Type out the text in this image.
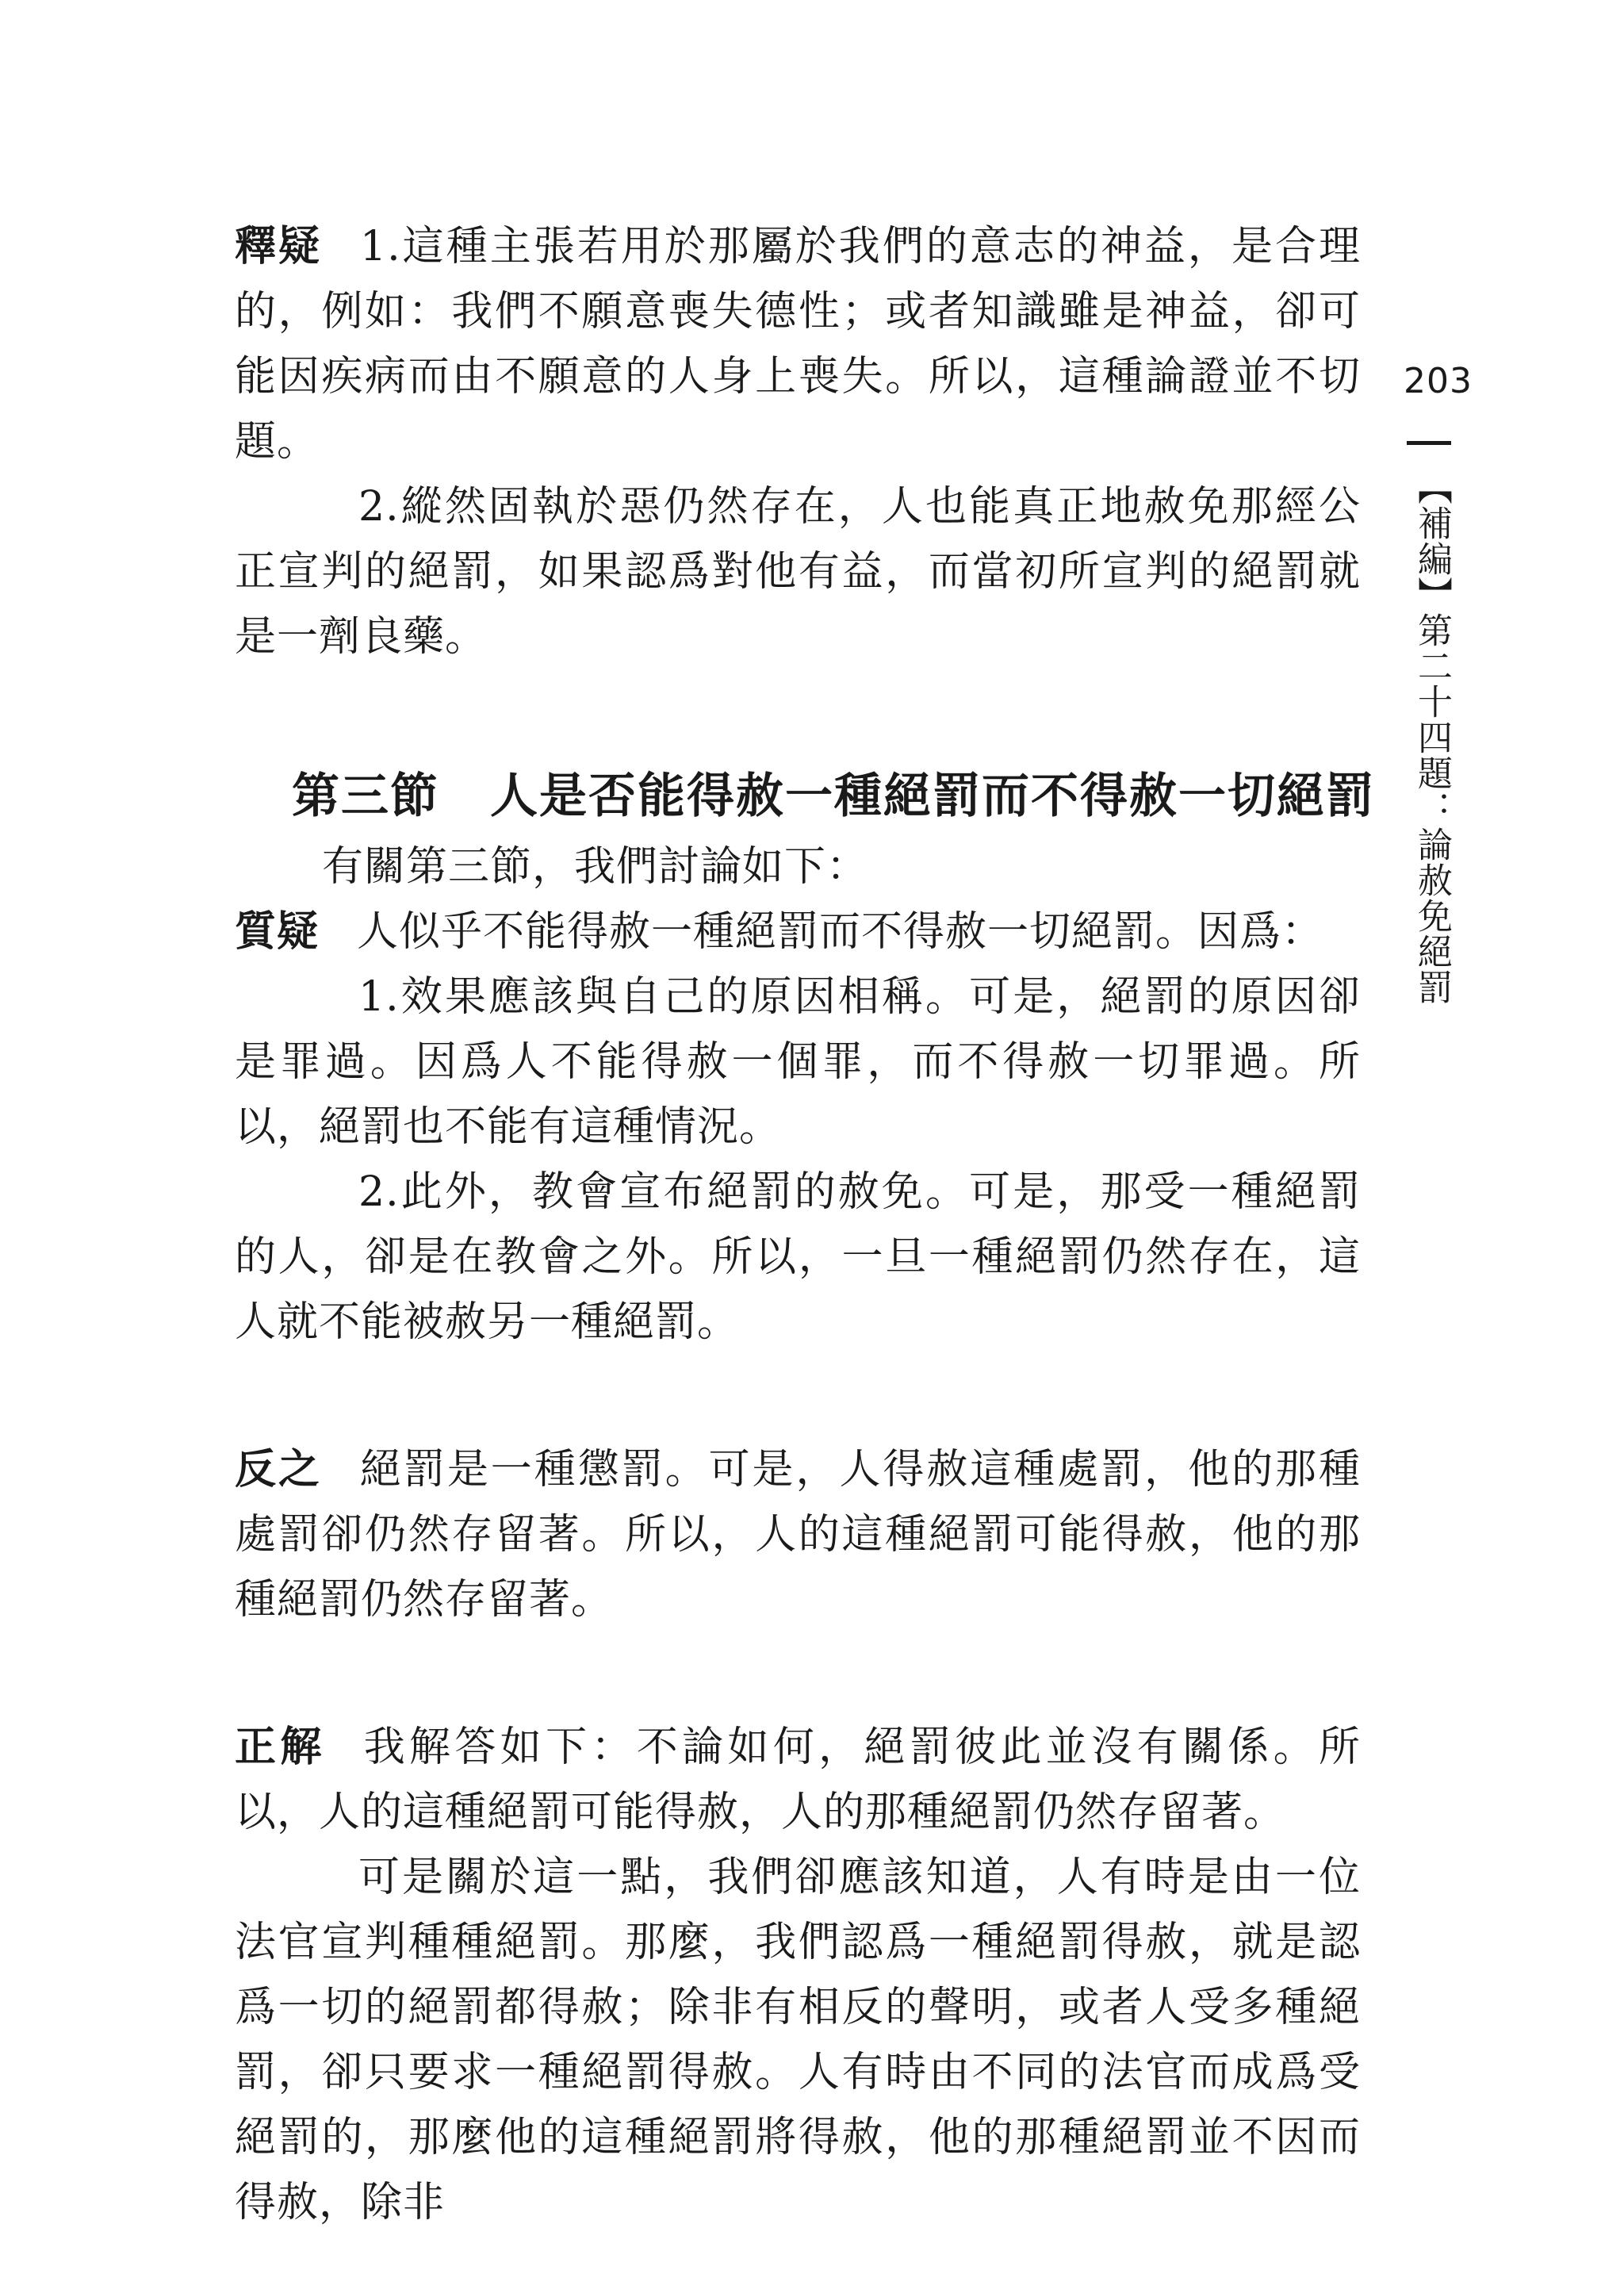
203
【補編】第二十四題：論赦免絕罰

釋疑 1.這種主張若用於那屬於我們的意志的神益，是合理的，例如：我們不願意喪失德性；或者知識雖是神益，卻可能因疾病而由不願意的人身上喪失。所以，這種論證並不切題。

2.縱然固執於惡仍然存在，人也能真正地赦免那經公正宣判的絕罰，如果認爲對他有益，而當初所宣判的絕罰就是一劑良藥。

第三節 人是否能得赦一種絕罰而不得赦一切絕罰

有關第三節，我們討論如下：

質疑 人似乎不能得赦一種絕罰而不得赦一切絕罰。因爲：

1.效果應該與自己的原因相稱。可是，絕罰的原因卻是罪過。因爲人不能得赦一個罪，而不得赦一切罪過。所以，絕罰也不能有這種情況。

2.此外，教會宣布絕罰的赦免。可是，那受一種絕罰的人，卻是在教會之外。所以，一旦一種絕罰仍然存在，這人就不能被赦另一種絕罰。

反之 絕罰是一種懲罰。可是，人得赦這種處罰，他的那種處罰卻仍然存留著。所以，人的這種絕罰可能得赦，他的那種絕罰仍然存留著。

正解 我解答如下：不論如何，絕罰彼此並沒有關係。所以，人的這種絕罰可能得赦，人的那種絕罰仍然存留著。

可是關於這一點，我們卻應該知道，人有時是由一位法官宣判種種絕罰。那麼，我們認爲一種絕罰得赦，就是認爲一切的絕罰都得赦；除非有相反的聲明，或者人受多種絕罰，卻只要求一種絕罰得赦。人有時由不同的法官而成爲受絕罰的，那麼他的這種絕罰將得赦，他的那種絕罰並不因而得赦，除非
